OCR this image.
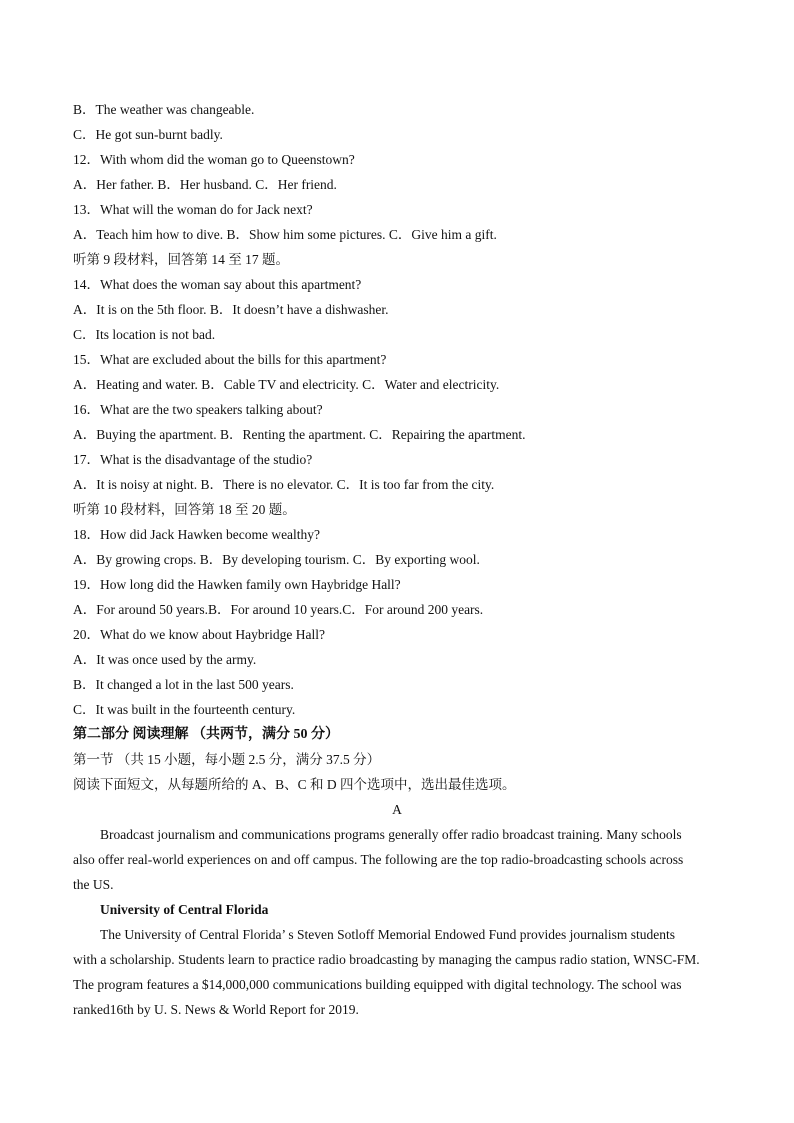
B．The weather was changeable.
C．He got sun-burnt badly.
12．With whom did the woman go to Queenstown?
A．Her father. B．Her husband. C．Her friend.
13．What will the woman do for Jack next?
A．Teach him how to dive. B．Show him some pictures. C．Give him a gift.
听第 9 段材料，回答第 14 至 17 题。
14．What does the woman say about this apartment?
A．It is on the 5th floor. B．It doesn’t have a dishwasher.
C．Its location is not bad.
15．What are excluded about the bills for this apartment?
A．Heating and water. B．Cable TV and electricity. C．Water and electricity.
16．What are the two speakers talking about?
A．Buying the apartment. B．Renting the apartment. C．Repairing the apartment.
17．What is the disadvantage of the studio?
A．It is noisy at night. B．There is no elevator. C．It is too far from the city.
听第 10 段材料，回答第 18 至 20 题。
18．How did Jack Hawken become wealthy?
A．By growing crops. B．By developing tourism. C．By exporting wool.
19．How long did the Hawken family own Haybridge Hall?
A．For around 50 years.B．For around 10 years.C．For around 200 years.
20．What do we know about Haybridge Hall?
A．It was once used by the army.
B．It changed a lot in the last 500 years.
C．It was built in the fourteenth century.
第二部分 阅读理解 （共两节，满分 50 分）
第一节 （共 15 小题，每小题 2.5 分，满分 37.5 分）
阅读下面短文，从每题所给的 A、B、C 和 D 四个选项中，选出最佳选项。
A
Broadcast journalism and communications programs generally offer radio broadcast training. Many schools
also offer real-world experiences on and off campus. The following are the top radio-broadcasting schools across
the US.
University of Central Florida
The University of Central Florida’ s Steven Sotloff Memorial Endowed Fund provides journalism students
with a scholarship. Students learn to practice radio broadcasting by managing the campus radio station, WNSC-FM.
The program features a $14,000,000 communications building equipped with digital technology. The school was
ranked16th by U. S. News & World Report for 2019.
